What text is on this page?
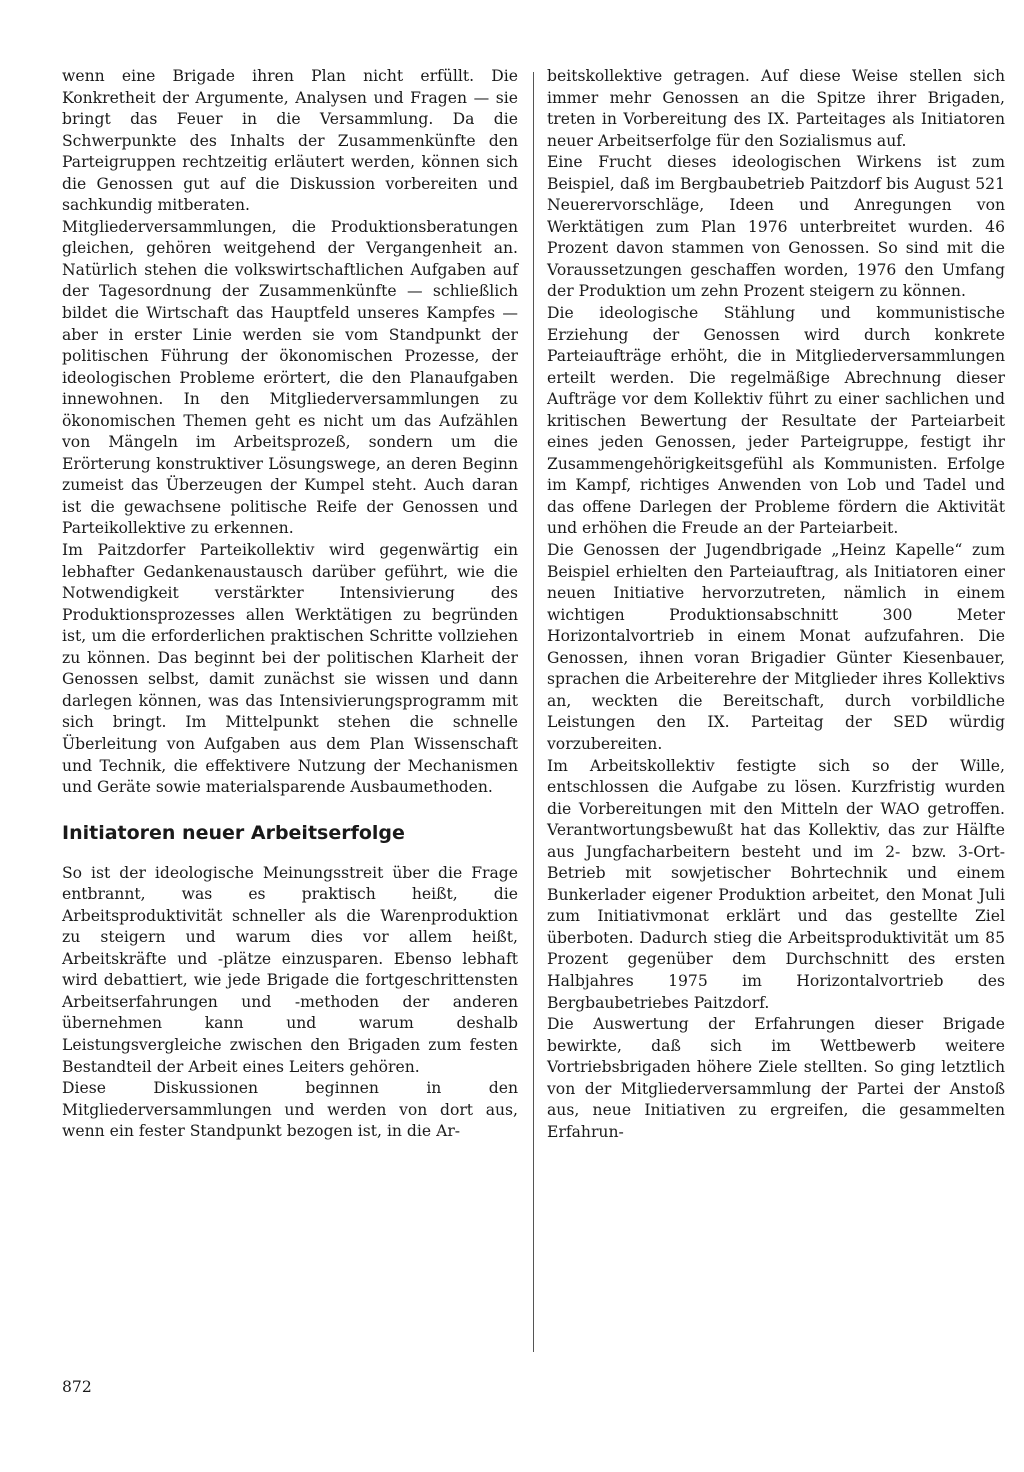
wenn eine Brigade ihren Plan nicht erfüllt. Die Konkretheit der Argumente, Analysen und Fragen — sie bringt das Feuer in die Versammlung. Da die Schwerpunkte des Inhalts der Zusammenkünfte den Parteigruppen rechtzeitig erläutert werden, können sich die Genossen gut auf die Diskussion vorbereiten und sachkundig mitberaten.

Mitgliederversammlungen, die Produktionsberatungen gleichen, gehören weitgehend der Vergangenheit an. Natürlich stehen die volkswirtschaftlichen Aufgaben auf der Tagesordnung der Zusammenkünfte — schließlich bildet die Wirtschaft das Hauptfeld unseres Kampfes — aber in erster Linie werden sie vom Standpunkt der politischen Führung der ökonomischen Prozesse, der ideologischen Probleme erörtert, die den Planaufgaben innewohnen. In den Mitgliederversammlungen zu ökonomischen Themen geht es nicht um das Aufzählen von Mängeln im Arbeitsprozeß, sondern um die Erörterung konstruktiver Lösungswege, an deren Beginn zumeist das Überzeugen der Kumpel steht. Auch daran ist die gewachsene politische Reife der Genossen und Parteikollektive zu erkennen.

Im Paitzdorfer Parteikollektiv wird gegenwärtig ein lebhafter Gedankenaustausch darüber geführt, wie die Notwendigkeit verstärkter Intensivierung des Produktionsprozesses allen Werktätigen zu begründen ist, um die erforderlichen praktischen Schritte vollziehen zu können. Das beginnt bei der politischen Klarheit der Genossen selbst, damit zunächst sie wissen und dann darlegen können, was das Intensivierungsprogramm mit sich bringt. Im Mittelpunkt stehen die schnelle Überleitung von Aufgaben aus dem Plan Wissenschaft und Technik, die effektivere Nutzung der Mechanismen und Geräte sowie materialsparende Ausbaumethoden.

Initiatoren neuer Arbeitserfolge

So ist der ideologische Meinungsstreit über die Frage entbrannt, was es praktisch heißt, die Arbeitsproduktivität schneller als die Warenproduktion zu steigern und warum dies vor allem heißt, Arbeitskräfte und -plätze einzusparen. Ebenso lebhaft wird debattiert, wie jede Brigade die fortgeschrittensten Arbeitserfahrungen und -methoden der anderen übernehmen kann und warum deshalb Leistungsvergleiche zwischen den Brigaden zum festen Bestandteil der Arbeit eines Leiters gehören.

Diese Diskussionen beginnen in den Mitgliederversammlungen und werden von dort aus, wenn ein fester Standpunkt bezogen ist, in die Ar-

beitskollektive getragen. Auf diese Weise stellen sich immer mehr Genossen an die Spitze ihrer Brigaden, treten in Vorbereitung des IX. Parteitages als Initiatoren neuer Arbeitserfolge für den Sozialismus auf.

Eine Frucht dieses ideologischen Wirkens ist zum Beispiel, daß im Bergbaubetrieb Paitzdorf bis August 521 Neuerervorschläge, Ideen und Anregungen von Werktätigen zum Plan 1976 unterbreitet wurden. 46 Prozent davon stammen von Genossen. So sind mit die Voraussetzungen geschaffen worden, 1976 den Umfang der Produktion um zehn Prozent steigern zu können.

Die ideologische Stählung und kommunistische Erziehung der Genossen wird durch konkrete Parteiaufträge erhöht, die in Mitgliederversammlungen erteilt werden. Die regelmäßige Abrechnung dieser Aufträge vor dem Kollektiv führt zu einer sachlichen und kritischen Bewertung der Resultate der Parteiarbeit eines jeden Genossen, jeder Parteigruppe, festigt ihr Zusammengehörigkeitsgefühl als Kommunisten. Erfolge im Kampf, richtiges Anwenden von Lob und Tadel und das offene Darlegen der Probleme fördern die Aktivität und erhöhen die Freude an der Parteiarbeit.

Die Genossen der Jugendbrigade „Heinz Kapelle“ zum Beispiel erhielten den Parteiauftrag, als Initiatoren einer neuen Initiative hervorzutreten, nämlich in einem wichtigen Produktionsabschnitt 300 Meter Horizontalvortrieb in einem Monat aufzufahren. Die Genossen, ihnen voran Brigadier Günter Kiesenbauer, sprachen die Arbeiterehre der Mitglieder ihres Kollektivs an, weckten die Bereitschaft, durch vorbildliche Leistungen den IX. Parteitag der SED würdig vorzubereiten.

Im Arbeitskollektiv festigte sich so der Wille, entschlossen die Aufgabe zu lösen. Kurzfristig wurden die Vorbereitungen mit den Mitteln der WAO getroffen. Verantwortungsbewußt hat das Kollektiv, das zur Hälfte aus Jungfacharbeitern besteht und im 2- bzw. 3-Ort-Betrieb mit sowjetischer Bohrtechnik und einem Bunkerlader eigener Produktion arbeitet, den Monat Juli zum Initiativmonat erklärt und das gestellte Ziel überboten. Dadurch stieg die Arbeitsproduktivität um 85 Prozent gegenüber dem Durchschnitt des ersten Halbjahres 1975 im Horizontalvortrieb des Bergbaubetriebes Paitzdorf.

Die Auswertung der Erfahrungen dieser Brigade bewirkte, daß sich im Wettbewerb weitere Vortriebsbrigaden höhere Ziele stellten. So ging letztlich von der Mitgliederversammlung der Partei der Anstoß aus, neue Initiativen zu ergreifen, die gesammelten Erfahrun-

872
